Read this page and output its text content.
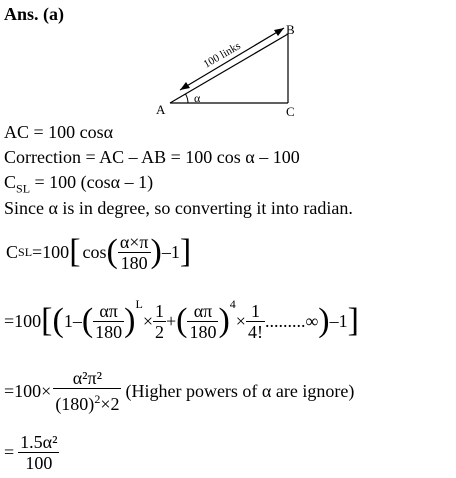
Ans. (a)
A
B
C
α
100 links
AC = 100 cosα
Correction = AC – AB = 100 cos α – 100
$C_{SL} = 100$ (cosα – 1)
Since α is in degree, so converting it into radian.
C SL =100 [ cos ( $\frac{\alpha\times\pi}{180}$ ) –1 ]
=100 [ ( 1– ( $\frac{\alpha\pi}{180}$ ) L
× $\frac{1}{2}$ + ( $\frac{\alpha\pi}{180}$ ) 4
× $\frac{1}{4!}$ .........∞ ) –1 ]
$=100\times \frac{\text{α²π²}}{(180)^2\times 2}$ (Higher powers of α are ignore)
= $\frac{\text{1.5α²}}{100}$
